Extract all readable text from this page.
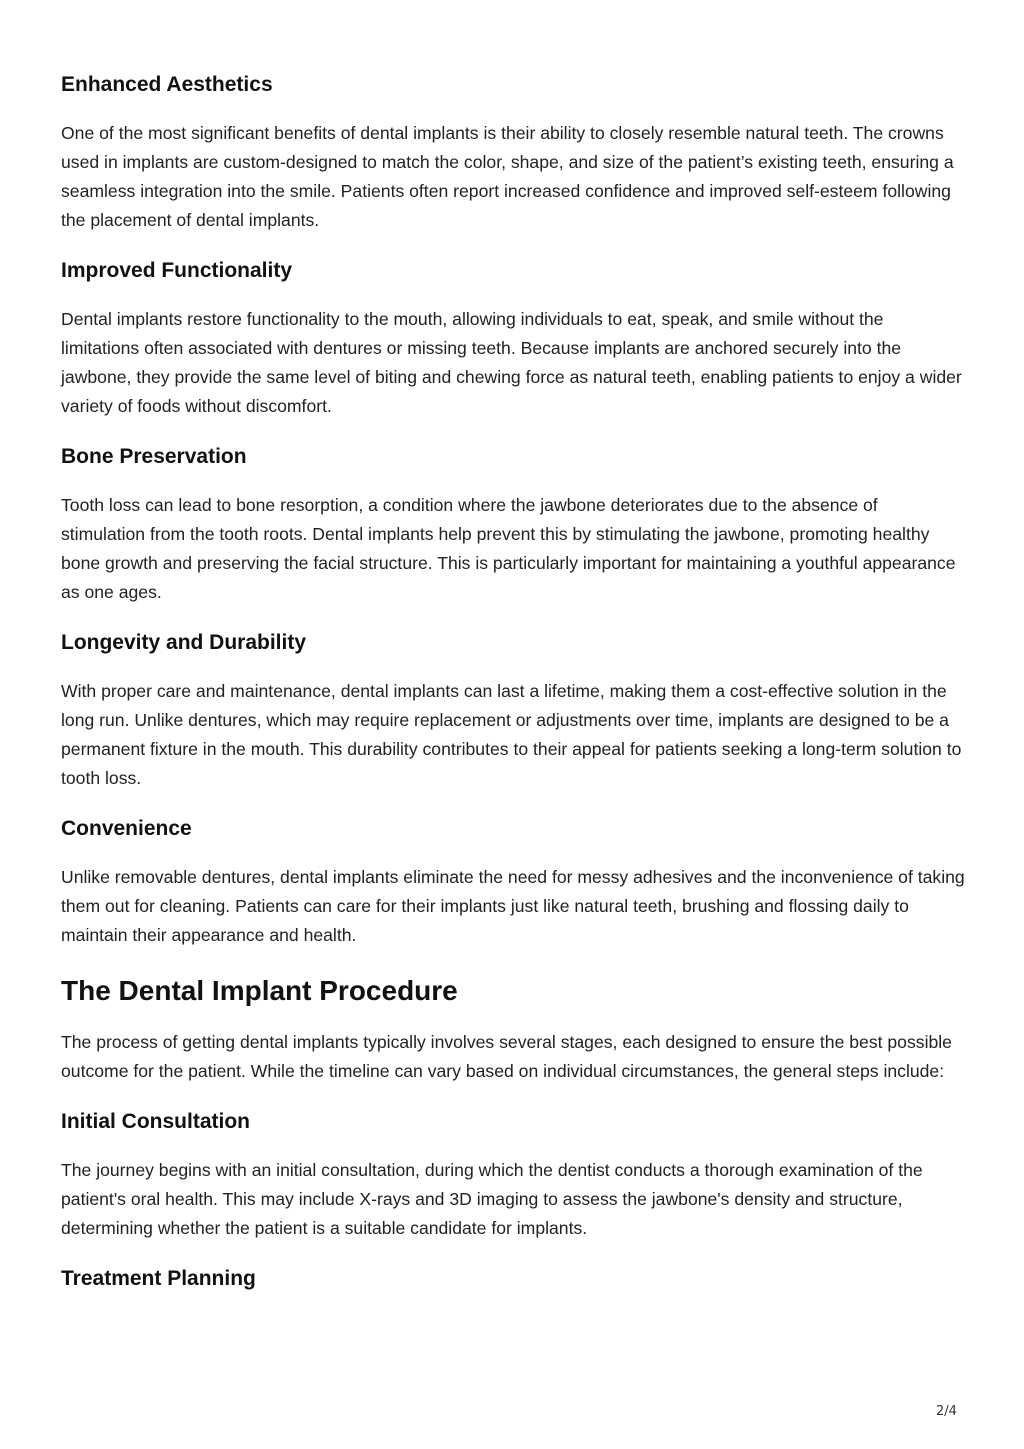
Enhanced Aesthetics

One of the most significant benefits of dental implants is their ability to closely resemble natural teeth. The crowns used in implants are custom-designed to match the color, shape, and size of the patient’s existing teeth, ensuring a seamless integration into the smile. Patients often report increased confidence and improved self-esteem following the placement of dental implants.

Improved Functionality

Dental implants restore functionality to the mouth, allowing individuals to eat, speak, and smile without the limitations often associated with dentures or missing teeth. Because implants are anchored securely into the jawbone, they provide the same level of biting and chewing force as natural teeth, enabling patients to enjoy a wider variety of foods without discomfort.

Bone Preservation

Tooth loss can lead to bone resorption, a condition where the jawbone deteriorates due to the absence of stimulation from the tooth roots. Dental implants help prevent this by stimulating the jawbone, promoting healthy bone growth and preserving the facial structure. This is particularly important for maintaining a youthful appearance as one ages.

Longevity and Durability

With proper care and maintenance, dental implants can last a lifetime, making them a cost-effective solution in the long run. Unlike dentures, which may require replacement or adjustments over time, implants are designed to be a permanent fixture in the mouth. This durability contributes to their appeal for patients seeking a long-term solution to tooth loss.

Convenience

Unlike removable dentures, dental implants eliminate the need for messy adhesives and the inconvenience of taking them out for cleaning. Patients can care for their implants just like natural teeth, brushing and flossing daily to maintain their appearance and health.

The Dental Implant Procedure

The process of getting dental implants typically involves several stages, each designed to ensure the best possible outcome for the patient. While the timeline can vary based on individual circumstances, the general steps include:

Initial Consultation

The journey begins with an initial consultation, during which the dentist conducts a thorough examination of the patient's oral health. This may include X-rays and 3D imaging to assess the jawbone's density and structure, determining whether the patient is a suitable candidate for implants.

Treatment Planning
2/4
